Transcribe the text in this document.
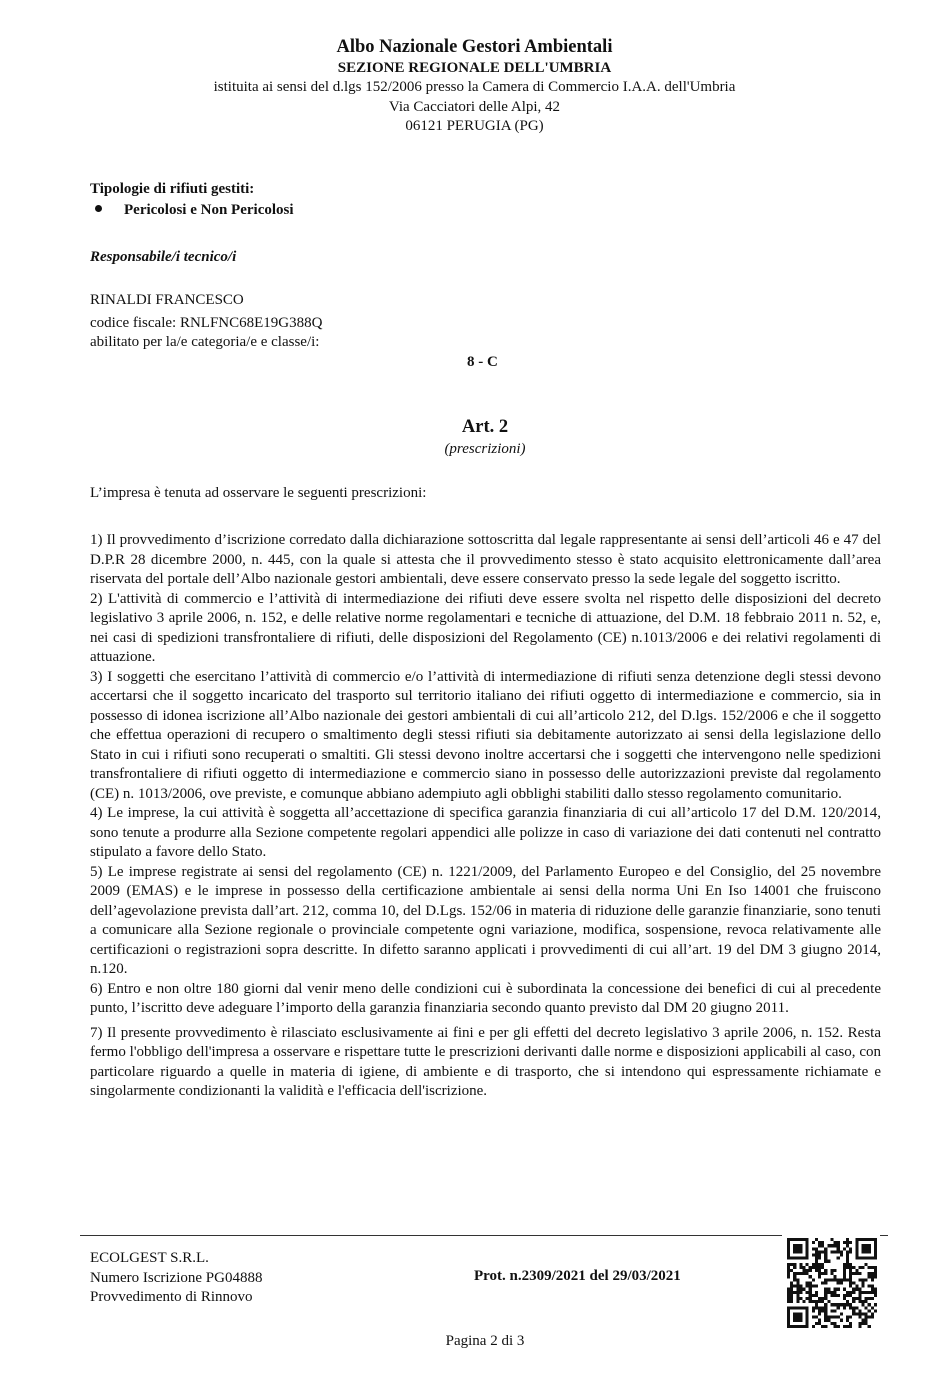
Albo Nazionale Gestori Ambientali
SEZIONE REGIONALE DELL'UMBRIA
istituita ai sensi del d.lgs 152/2006 presso la Camera di Commercio I.A.A. dell'Umbria
Via Cacciatori delle Alpi, 42
06121 PERUGIA (PG)
Tipologie di rifiuti gestiti:
Pericolosi e Non Pericolosi
Responsabile/i tecnico/i
RINALDI FRANCESCO
codice fiscale: RNLFNC68E19G388Q
abilitato per la/e categoria/e e classe/i:
8 - C
Art. 2
(prescrizioni)
L’impresa è tenuta ad osservare le seguenti prescrizioni:

1) Il provvedimento d’iscrizione corredato dalla dichiarazione sottoscritta dal legale rappresentante ai sensi dell’articoli 46 e 47 del D.P.R 28 dicembre 2000, n. 445, con la quale si attesta che il provvedimento stesso è stato acquisito elettronicamente dall’area riservata del portale dell’Albo nazionale gestori ambientali, deve essere conservato presso la sede legale del soggetto iscritto.

2) L'attività di commercio e l’attività di intermediazione dei rifiuti deve essere svolta nel rispetto delle disposizioni del decreto legislativo 3 aprile 2006, n. 152, e delle relative norme regolamentari e tecniche di attuazione, del D.M. 18 febbraio 2011 n. 52, e, nei casi di spedizioni transfrontaliere di rifiuti, delle disposizioni del Regolamento (CE) n.1013/2006 e dei relativi regolamenti di attuazione.

3) I soggetti che esercitano l’attività di commercio e/o l’attività di intermediazione di rifiuti senza detenzione degli stessi devono accertarsi che il soggetto incaricato del trasporto sul territorio italiano dei rifiuti oggetto di intermediazione e commercio, sia in possesso di idonea iscrizione all’Albo nazionale dei gestori ambientali di cui all’articolo 212, del D.lgs. 152/2006 e che il soggetto che effettua operazioni di recupero o smaltimento degli stessi rifiuti sia debitamente autorizzato ai sensi della legislazione dello Stato in cui i rifiuti sono recuperati o smaltiti. Gli stessi devono inoltre accertarsi che i soggetti che intervengono nelle spedizioni transfrontaliere di rifiuti oggetto di intermediazione e commercio siano in possesso delle autorizzazioni previste dal regolamento (CE) n. 1013/2006, ove previste, e comunque abbiano adempiuto agli obblighi stabiliti dallo stesso regolamento comunitario.

4) Le imprese, la cui attività è soggetta all’accettazione di specifica garanzia finanziaria di cui all’articolo 17 del D.M. 120/2014, sono tenute a produrre alla Sezione competente regolari appendici alle polizze in caso di variazione dei dati contenuti nel contratto stipulato a favore dello Stato.

5) Le imprese registrate ai sensi del regolamento (CE) n. 1221/2009, del Parlamento Europeo e del Consiglio, del 25 novembre 2009 (EMAS) e le imprese in possesso della certificazione ambientale ai sensi della norma Uni En Iso 14001 che fruiscono dell’agevolazione prevista dall’art. 212, comma 10, del D.Lgs. 152/06 in materia di riduzione delle garanzie finanziarie, sono tenuti a comunicare alla Sezione regionale o provinciale competente ogni variazione, modifica, sospensione, revoca relativamente alle certificazioni o registrazioni sopra descritte. In difetto saranno applicati i provvedimenti di cui all’art. 19 del DM 3 giugno 2014, n.120.

6) Entro e non oltre 180 giorni dal venir meno delle condizioni cui è subordinata la concessione dei benefici di cui al precedente punto, l’iscritto deve adeguare l’importo della garanzia finanziaria secondo quanto previsto dal DM 20 giugno 2011.

7) Il presente provvedimento è rilasciato esclusivamente ai fini e per gli effetti del decreto legislativo 3 aprile 2006, n. 152. Resta fermo l'obbligo dell'impresa a osservare e rispettare tutte le prescrizioni derivanti dalle norme e disposizioni applicabili al caso, con particolare riguardo a quelle in materia di igiene, di ambiente e di trasporto, che si intendono qui espressamente richiamate e singolarmente condizionanti la validità e l'efficacia dell'iscrizione.

ECOLGEST S.R.L.
Numero Iscrizione PG04888
Provvedimento di Rinnovo
Prot. n.2309/2021 del 29/03/2021
Pagina 2 di 3
